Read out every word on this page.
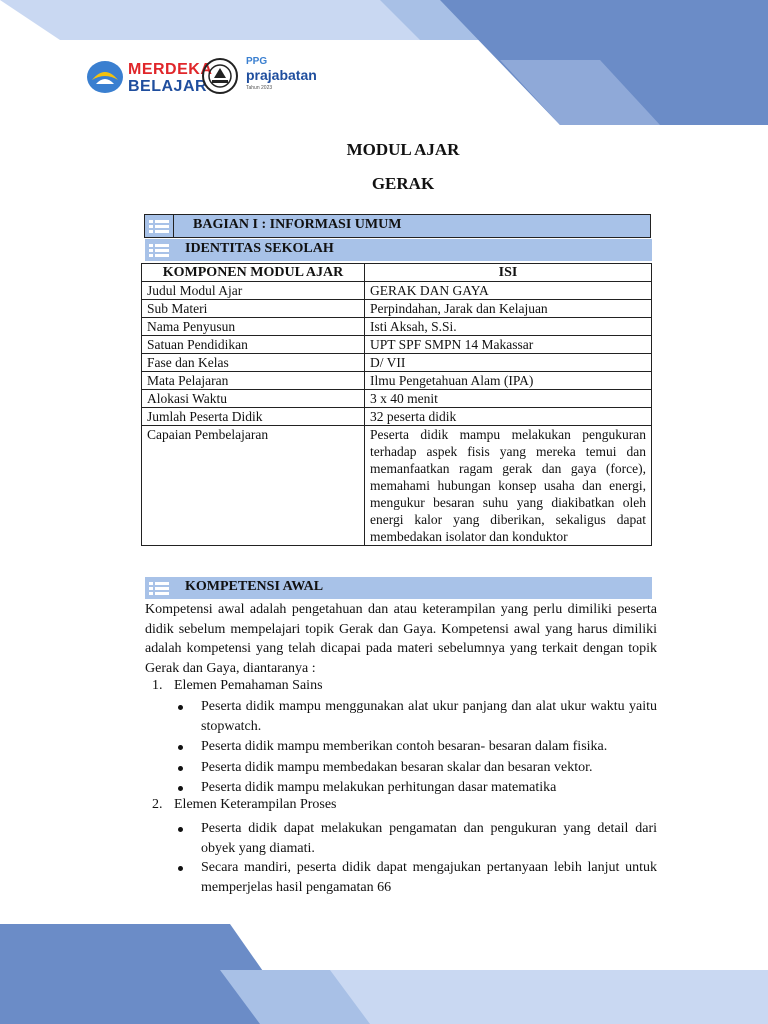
MERDEKA
BELAJAR
PPG
prajabatan
Tahun 2023
MODUL AJAR
GERAK
BAGIAN I : INFORMASI UMUM
IDENTITAS SEKOLAH
KOMPONEN MODUL AJAR	ISI
Judul Modul Ajar	GERAK DAN GAYA
Sub Materi	Perpindahan, Jarak dan Kelajuan
Nama Penyusun	Isti Aksah, S.Si.
Satuan Pendidikan	UPT SPF SMPN 14 Makassar
Fase dan Kelas	D/ VII
Mata Pelajaran	Ilmu Pengetahuan Alam (IPA)
Alokasi Waktu	3 x 40 menit
Jumlah Peserta Didik	32 peserta didik
Capaian Pembelajaran	Peserta didik mampu melakukan pengukuran terhadap aspek fisis yang mereka temui dan memanfaatkan ragam gerak dan gaya (force), memahami hubungan konsep usaha dan energi, mengukur besaran suhu yang diakibatkan oleh energi kalor yang diberikan, sekaligus dapat membedakan isolator dan konduktor
KOMPETENSI AWAL
Kompetensi awal adalah pengetahuan dan atau keterampilan yang perlu dimiliki peserta didik sebelum mempelajari topik Gerak dan Gaya. Kompetensi awal yang harus dimiliki adalah kompetensi yang telah dicapai pada materi sebelumnya yang terkait dengan topik Gerak dan Gaya, diantaranya :
1. Elemen Pemahaman Sains
Peserta didik mampu menggunakan alat ukur panjang dan alat ukur waktu yaitu stopwatch.
Peserta didik mampu memberikan contoh besaran- besaran dalam fisika.
Peserta didik mampu membedakan besaran skalar dan besaran vektor.
Peserta didik mampu melakukan perhitungan dasar matematika
2. Elemen Keterampilan Proses
Peserta didik dapat melakukan pengamatan dan pengukuran yang detail dari obyek yang diamati.
Secara mandiri, peserta didik dapat mengajukan pertanyaan lebih lanjut untuk memperjelas hasil pengamatan 66
